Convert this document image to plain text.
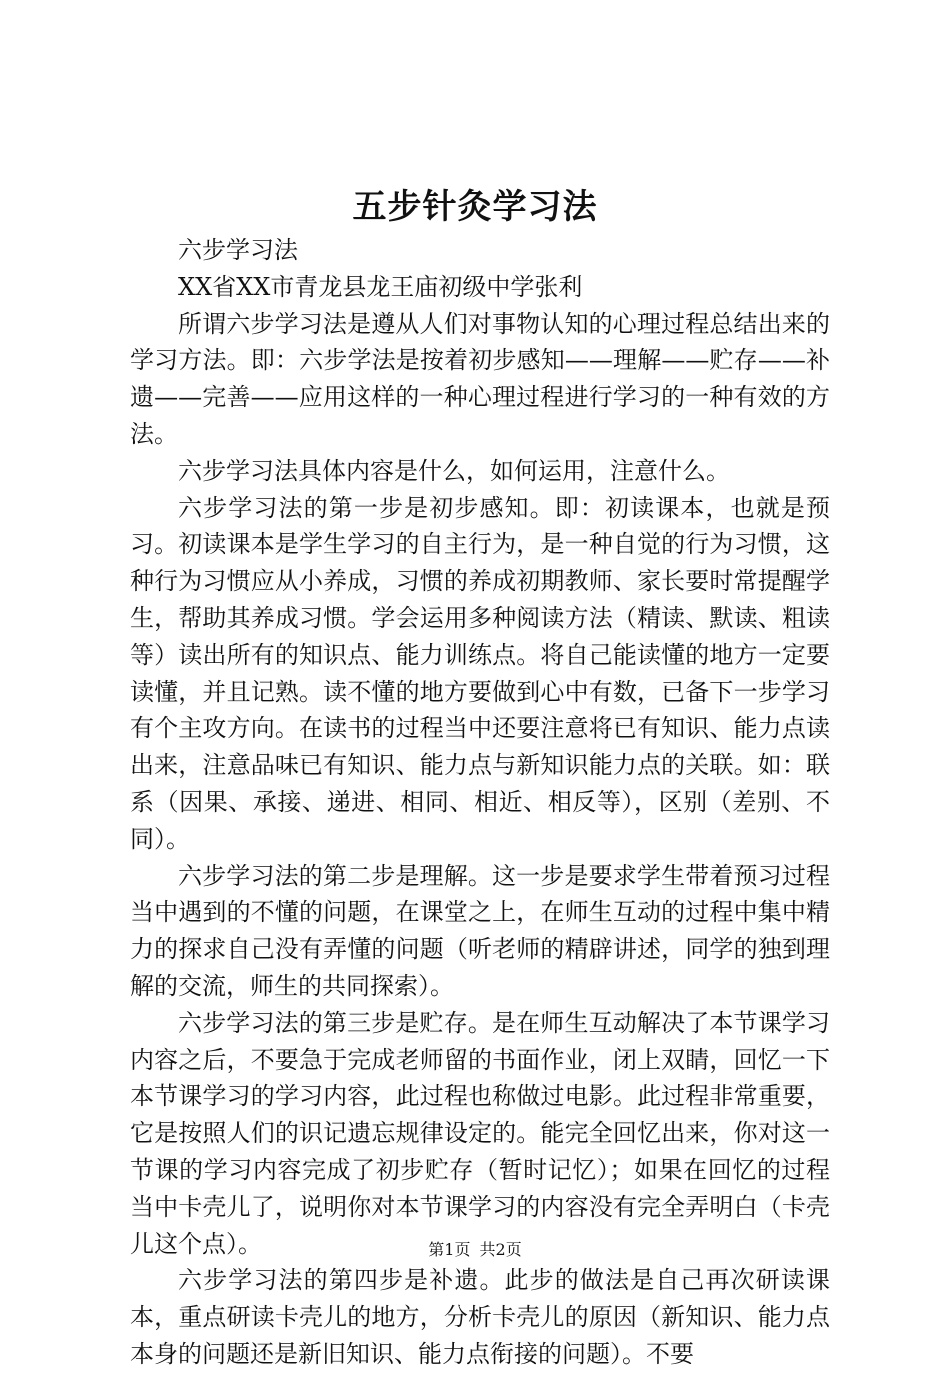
五步针灸学习法

六步学习法

XX省XX市青龙县龙王庙初级中学张利

所谓六步学习法是遵从人们对事物认知的心理过程总结出来的学习方法。即：六步学法是按着初步感知——理解——贮存——补遗——完善——应用这样的一种心理过程进行学习的一种有效的方法。

六步学习法具体内容是什么，如何运用，注意什么。

六步学习法的第一步是初步感知。即：初读课本，也就是预习。初读课本是学生学习的自主行为，是一种自觉的行为习惯，这种行为习惯应从小养成，习惯的养成初期教师、家长要时常提醒学生，帮助其养成习惯。学会运用多种阅读方法（精读、默读、粗读等）读出所有的知识点、能力训练点。将自己能读懂的地方一定要读懂，并且记熟。读不懂的地方要做到心中有数，已备下一步学习有个主攻方向。在读书的过程当中还要注意将已有知识、能力点读出来，注意品味已有知识、能力点与新知识能力点的关联。如：联系（因果、承接、递进、相同、相近、相反等），区别（差别、不同）。

六步学习法的第二步是理解。这一步是要求学生带着预习过程当中遇到的不懂的问题，在课堂之上，在师生互动的过程中集中精力的探求自己没有弄懂的问题（听老师的精辟讲述，同学的独到理解的交流，师生的共同探索）。

六步学习法的第三步是贮存。是在师生互动解决了本节课学习内容之后，不要急于完成老师留的书面作业，闭上双睛，回忆一下本节课学习的学习内容，此过程也称做过电影。此过程非常重要，它是按照人们的识记遗忘规律设定的。能完全回忆出来，你对这一节课的学习内容完成了初步贮存（暂时记忆）；如果在回忆的过程当中卡壳儿了，说明你对本节课学习的内容没有完全弄明白（卡壳儿这个点）。

六步学习法的第四步是补遗。此步的做法是自己再次研读课本，重点研读卡壳儿的地方，分析卡壳儿的原因（新知识、能力点本身的问题还是新旧知识、能力点衔接的问题）。不要

第1页 共2页
